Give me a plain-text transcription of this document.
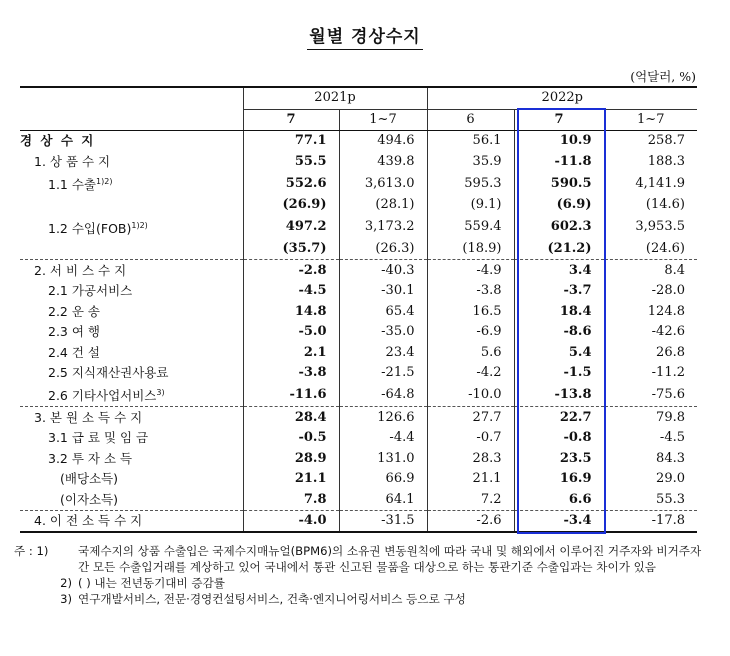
월별 경상수지
(억달러, %)
	2021p		2022p		
	7	1~7	6	7	1~7
경 상 수 지	77.1	494.6	56.1	10.9	258.7
1. 상 품 수 지	55.5	439.8	35.9	-11.8	188.3
1.1 수출$^{1)2)}$	552.6	3,613.0	595.3	590.5	4,141.9
	(26.9)	(28.1)	(9.1)	(6.9)	(14.6)
1.2 수입(FOB)$^{1)2)}$	497.2	3,173.2	559.4	602.3	3,953.5
	(35.7)	(26.3)	(18.9)	(21.2)	(24.6)
2. 서 비 스 수 지	-2.8	-40.3	-4.9	3.4	8.4
2.1 가공서비스	-4.5	-30.1	-3.8	-3.7	-28.0
2.2 운 송	14.8	65.4	16.5	18.4	124.8
2.3 여 행	-5.0	-35.0	-6.9	-8.6	-42.6
2.4 건 설	2.1	23.4	5.6	5.4	26.8
2.5 지식재산권사용료	-3.8	-21.5	-4.2	-1.5	-11.2
2.6 기타사업서비스$^{3)}$	-11.6	-64.8	-10.0	-13.8	-75.6
3. 본 원 소 득 수 지	28.4	126.6	27.7	22.7	79.8
3.1 급 료 및 임 금	-0.5	-4.4	-0.7	-0.8	-4.5
3.2 투 자 소 득	28.9	131.0	28.3	23.5	84.3
(배당소득)	21.1	66.9	21.1	16.9	29.0
(이자소득)	7.8	64.1	7.2	6.6	55.3
4. 이 전 소 득 수 지	-4.0	-31.5	-2.6	-3.4	-17.8
주 : 1)	국제수지의 상품 수출입은 국제수지매뉴얼(BPM6)의 소유권 변동원칙에 따라 국내 및 해외에서 이루어진 거주자와 비거주자 간 모든 수출입거래를 계상하고 있어 국내에서 통관 신고된 물품을 대상으로 하는 통관기준 수출입과는 차이가 있음
2) ( ) 내는 전년동기대비 증감률
3) 연구개발서비스, 전문·경영컨설팅서비스, 건축·엔지니어링서비스 등으로 구성
